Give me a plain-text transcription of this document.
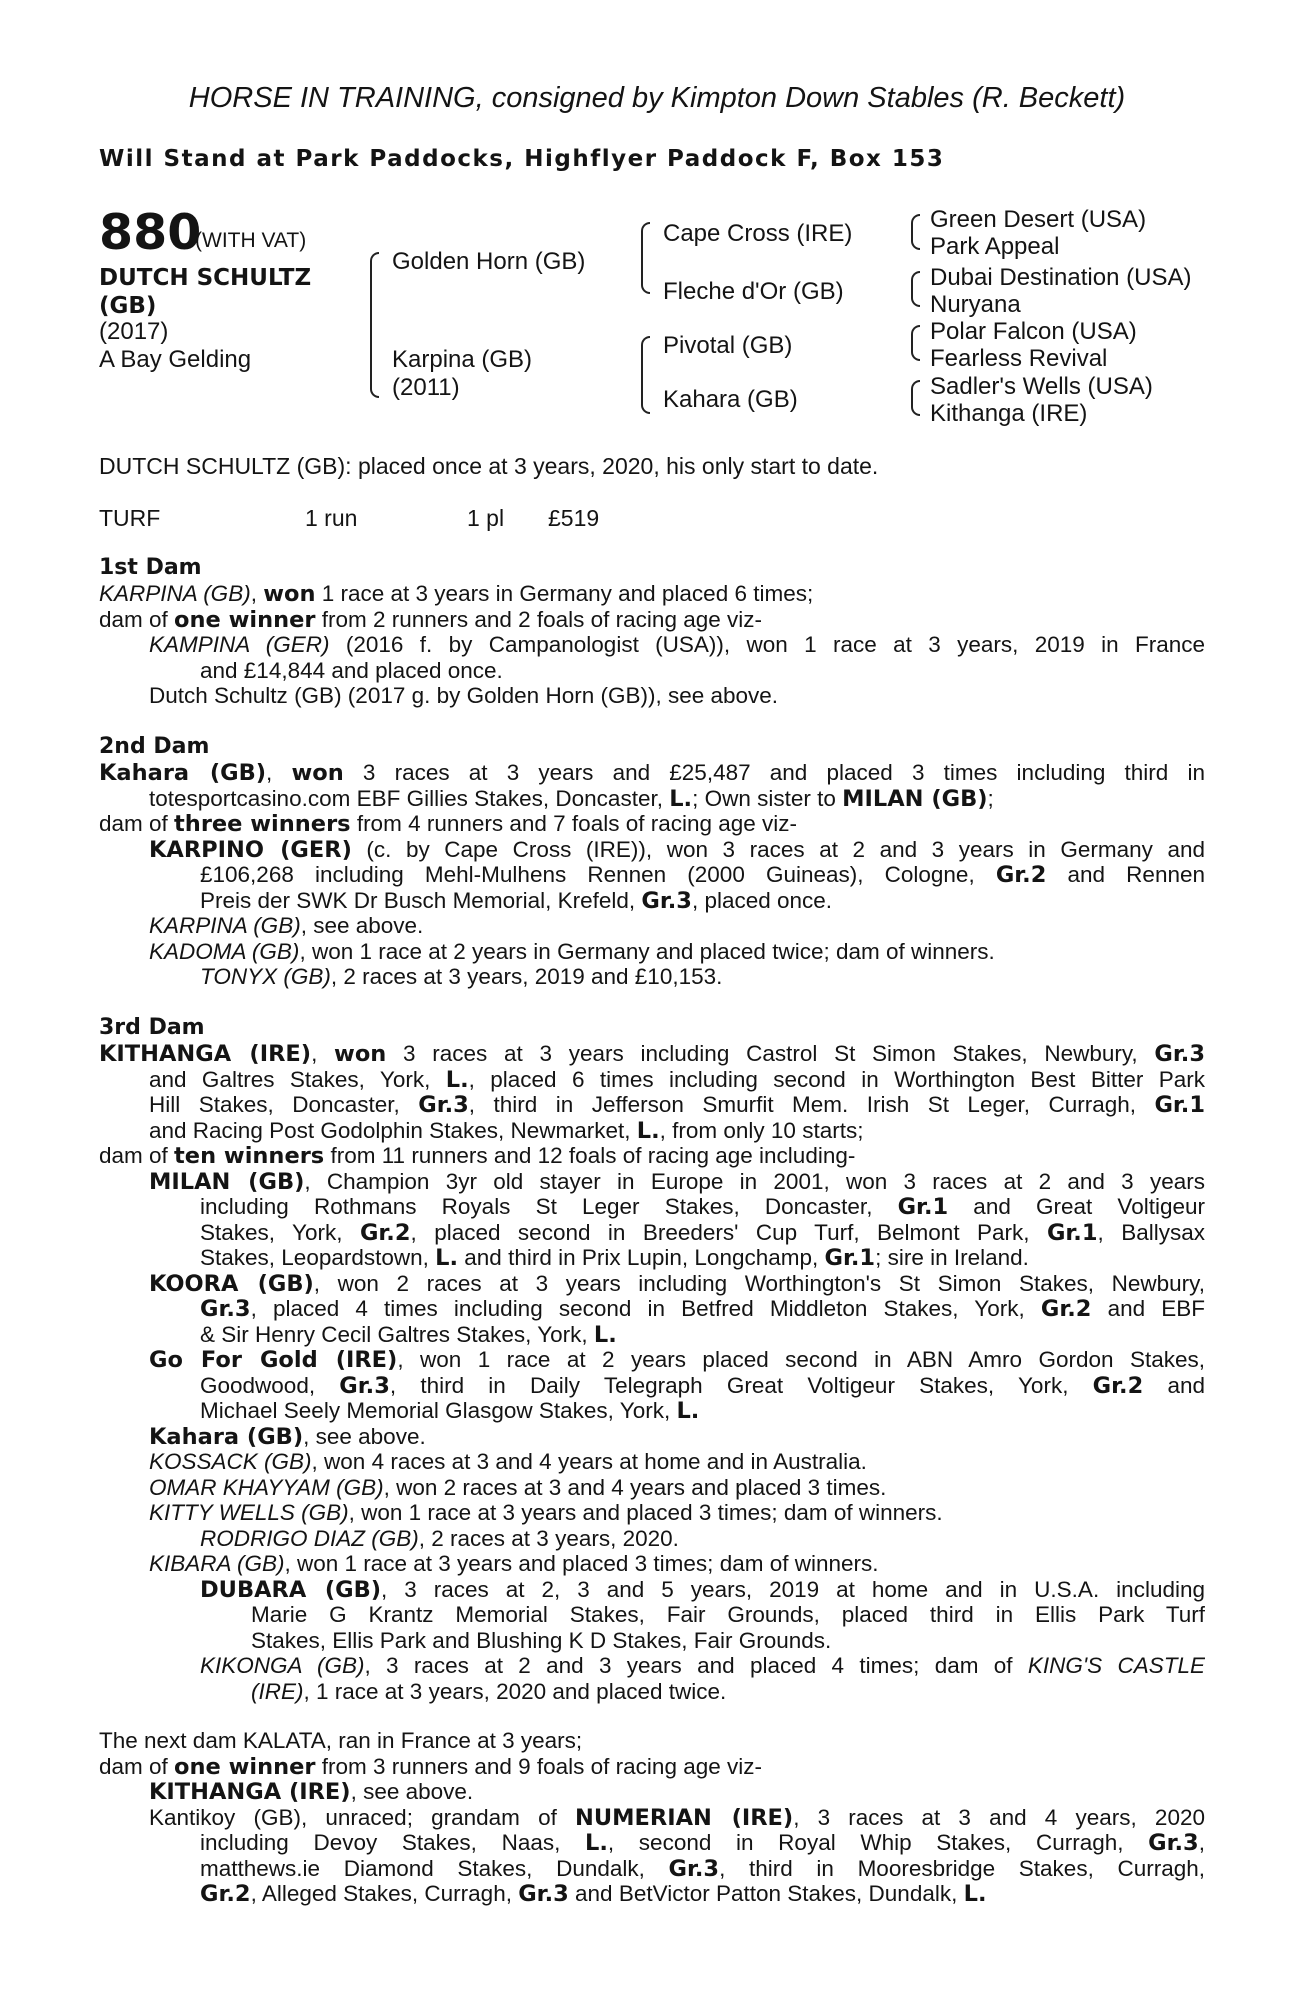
HORSE IN TRAINING, consigned by Kimpton Down Stables (R. Beckett)
Will Stand at Park Paddocks, Highflyer Paddock F, Box 153
880
(WITH VAT)
DUTCH SCHULTZ
(GB)
(2017)
A Bay Gelding
Golden Horn (GB)
Karpina (GB)
(2011)
Cape Cross (IRE)
Fleche d'Or (GB)
Pivotal (GB)
Kahara (GB)
Green Desert (USA)
Park Appeal
Dubai Destination (USA)
Nuryana
Polar Falcon (USA)
Fearless Revival
Sadler's Wells (USA)
Kithanga (IRE)
DUTCH SCHULTZ (GB): placed once at 3 years, 2020, his only start to date.
TURF	1 run	1 pl £519
1st Dam
KARPINA (GB), won 1 race at 3 years in Germany and placed 6 times;
dam of one winner from 2 runners and 2 foals of racing age viz-
KAMPINA (GER) (2016 f. by Campanologist (USA)), won 1 race at 3 years, 2019 in France
and £14,844 and placed once.
Dutch Schultz (GB) (2017 g. by Golden Horn (GB)), see above.
2nd Dam
Kahara (GB), won 3 races at 3 years and £25,487 and placed 3 times including third in
totesportcasino.com EBF Gillies Stakes, Doncaster, L.; Own sister to MILAN (GB);
dam of three winners from 4 runners and 7 foals of racing age viz-
KARPINO (GER) (c. by Cape Cross (IRE)), won 3 races at 2 and 3 years in Germany and
£106,268 including Mehl-Mulhens Rennen (2000 Guineas), Cologne, Gr.2 and Rennen
Preis der SWK Dr Busch Memorial, Krefeld, Gr.3, placed once.
KARPINA (GB), see above.
KADOMA (GB), won 1 race at 2 years in Germany and placed twice; dam of winners.
TONYX (GB), 2 races at 3 years, 2019 and £10,153.
3rd Dam
KITHANGA (IRE), won 3 races at 3 years including Castrol St Simon Stakes, Newbury, Gr.3
and Galtres Stakes, York, L., placed 6 times including second in Worthington Best Bitter Park
Hill Stakes, Doncaster, Gr.3, third in Jefferson Smurfit Mem. Irish St Leger, Curragh, Gr.1
and Racing Post Godolphin Stakes, Newmarket, L., from only 10 starts;
dam of ten winners from 11 runners and 12 foals of racing age including-
MILAN (GB), Champion 3yr old stayer in Europe in 2001, won 3 races at 2 and 3 years
including Rothmans Royals St Leger Stakes, Doncaster, Gr.1 and Great Voltigeur
Stakes, York, Gr.2, placed second in Breeders' Cup Turf, Belmont Park, Gr.1, Ballysax
Stakes, Leopardstown, L. and third in Prix Lupin, Longchamp, Gr.1; sire in Ireland.
KOORA (GB), won 2 races at 3 years including Worthington's St Simon Stakes, Newbury,
Gr.3, placed 4 times including second in Betfred Middleton Stakes, York, Gr.2 and EBF
& Sir Henry Cecil Galtres Stakes, York, L.
Go For Gold (IRE), won 1 race at 2 years placed second in ABN Amro Gordon Stakes,
Goodwood, Gr.3, third in Daily Telegraph Great Voltigeur Stakes, York, Gr.2 and
Michael Seely Memorial Glasgow Stakes, York, L.
Kahara (GB), see above.
KOSSACK (GB), won 4 races at 3 and 4 years at home and in Australia.
OMAR KHAYYAM (GB), won 2 races at 3 and 4 years and placed 3 times.
KITTY WELLS (GB), won 1 race at 3 years and placed 3 times; dam of winners.
RODRIGO DIAZ (GB), 2 races at 3 years, 2020.
KIBARA (GB), won 1 race at 3 years and placed 3 times; dam of winners.
DUBARA (GB), 3 races at 2, 3 and 5 years, 2019 at home and in U.S.A. including
Marie G Krantz Memorial Stakes, Fair Grounds, placed third in Ellis Park Turf
Stakes, Ellis Park and Blushing K D Stakes, Fair Grounds.
KIKONGA (GB), 3 races at 2 and 3 years and placed 4 times; dam of KING'S CASTLE
(IRE), 1 race at 3 years, 2020 and placed twice.
The next dam KALATA, ran in France at 3 years;
dam of one winner from 3 runners and 9 foals of racing age viz-
KITHANGA (IRE), see above.
Kantikoy (GB), unraced; grandam of NUMERIAN (IRE), 3 races at 3 and 4 years, 2020
including Devoy Stakes, Naas, L., second in Royal Whip Stakes, Curragh, Gr.3,
matthews.ie Diamond Stakes, Dundalk, Gr.3, third in Mooresbridge Stakes, Curragh,
Gr.2, Alleged Stakes, Curragh, Gr.3 and BetVictor Patton Stakes, Dundalk, L.
